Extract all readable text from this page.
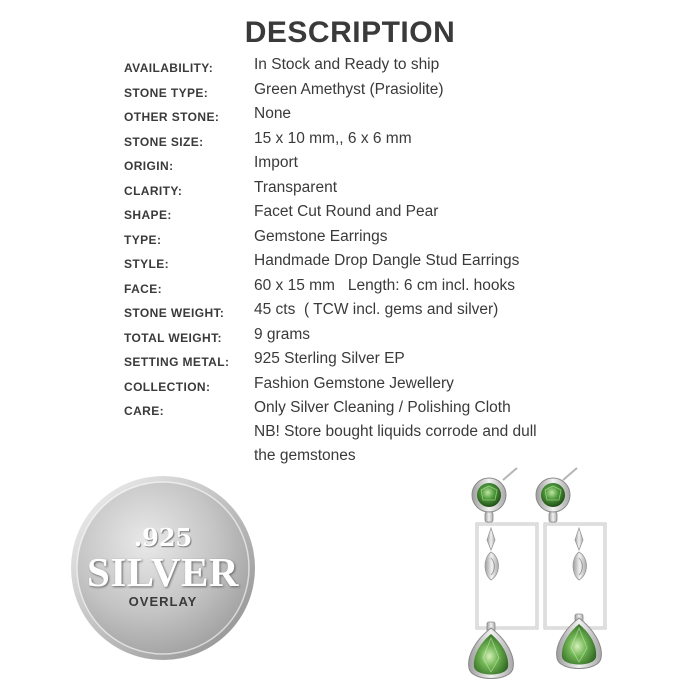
DESCRIPTION
AVAILABILITY:	In Stock and Ready to ship
STONE TYPE:	Green Amethyst (Prasiolite)
OTHER STONE: None
STONE SIZE:	15 x 10 mm,, 6 x 6 mm
ORIGIN:	Import
CLARITY:	Transparent
SHAPE:	Facet Cut Round and Pear
TYPE:	Gemstone Earrings
STYLE:	Handmade Drop Dangle Stud Earrings
FACE:	60 x 15 mm   Length: 6 cm incl. hooks
STONE WEIGHT: 45 cts  ( TCW incl. gems and silver)
TOTAL WEIGHT: 9 grams
SETTING METAL: 925 Sterling Silver EP
COLLECTION:	Fashion Gemstone Jewellery
CARE:	Only Silver Cleaning / Polishing Cloth
NB! Store bought liquids corrode and dull
the gemstones
.925
SILVER
OVERLAY
